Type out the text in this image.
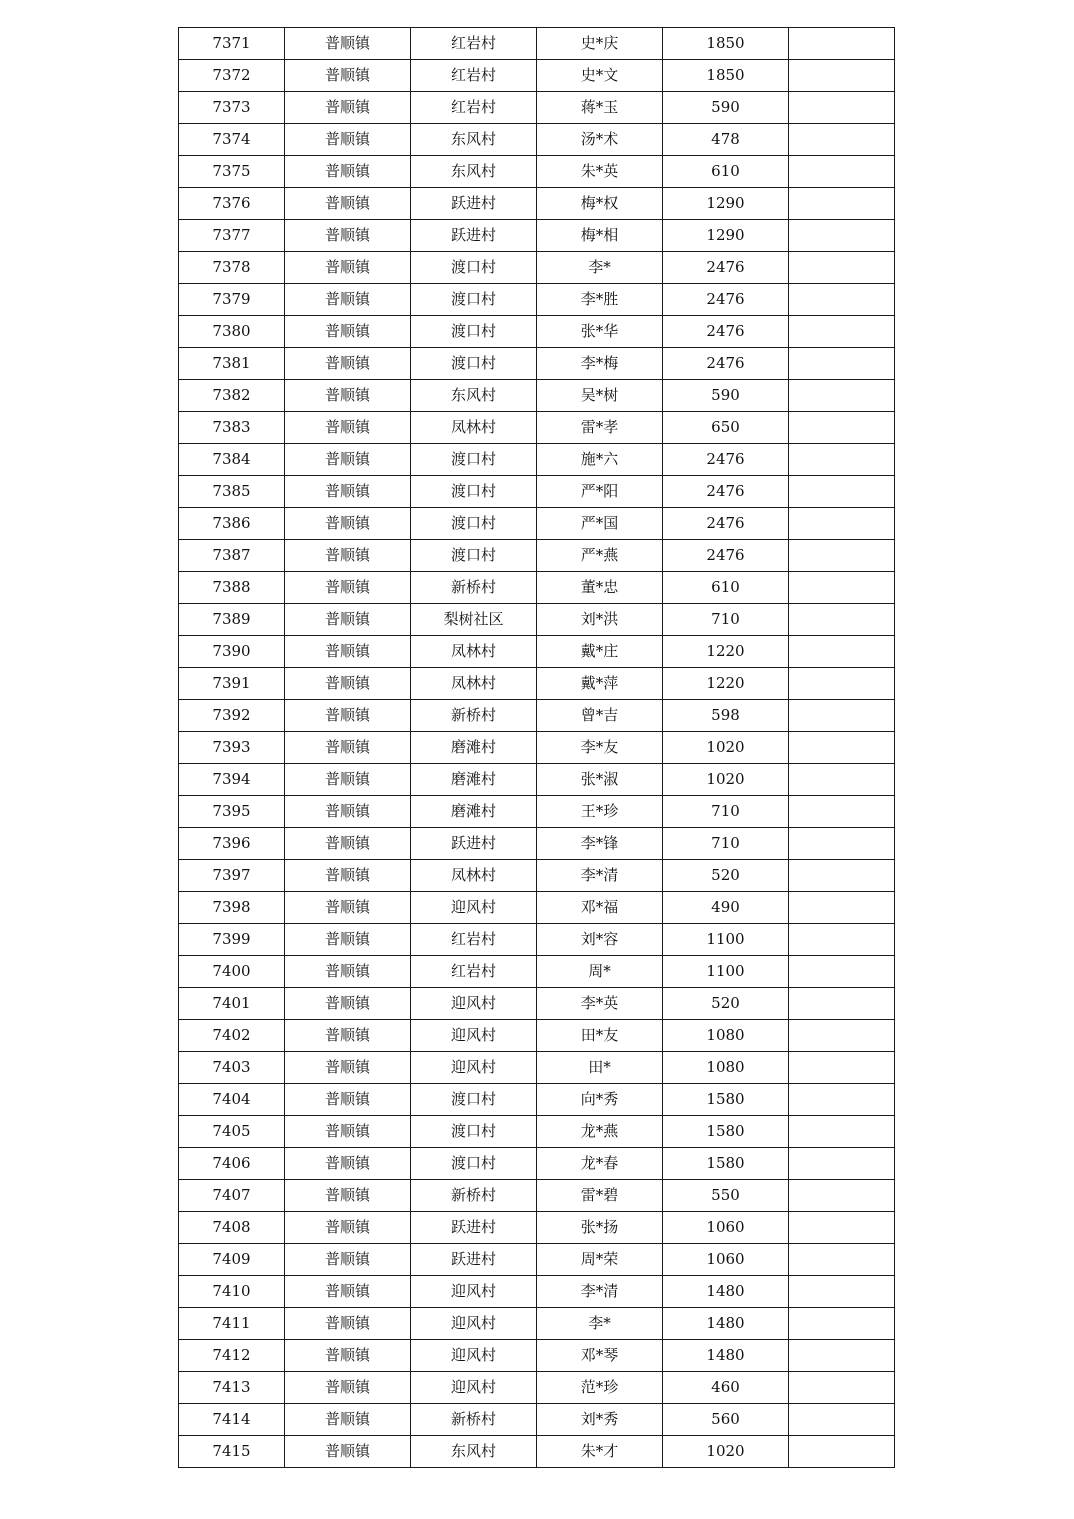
7371	普顺镇	红岩村	史*庆	1850	
7372	普顺镇	红岩村	史*文	1850	
7373	普顺镇	红岩村	蒋*玉	590	
7374	普顺镇	东风村	汤*术	478	
7375	普顺镇	东风村	朱*英	610	
7376	普顺镇	跃进村	梅*权	1290	
7377	普顺镇	跃进村	梅*相	1290	
7378	普顺镇	渡口村	李*	2476	
7379	普顺镇	渡口村	李*胜	2476	
7380	普顺镇	渡口村	张*华	2476	
7381	普顺镇	渡口村	李*梅	2476	
7382	普顺镇	东风村	吴*树	590	
7383	普顺镇	凤林村	雷*孝	650	
7384	普顺镇	渡口村	施*六	2476	
7385	普顺镇	渡口村	严*阳	2476	
7386	普顺镇	渡口村	严*国	2476	
7387	普顺镇	渡口村	严*燕	2476	
7388	普顺镇	新桥村	董*忠	610	
7389	普顺镇	梨树社区	刘*洪	710	
7390	普顺镇	凤林村	戴*庄	1220	
7391	普顺镇	凤林村	戴*萍	1220	
7392	普顺镇	新桥村	曾*吉	598	
7393	普顺镇	磨滩村	李*友	1020	
7394	普顺镇	磨滩村	张*淑	1020	
7395	普顺镇	磨滩村	王*珍	710	
7396	普顺镇	跃进村	李*锋	710	
7397	普顺镇	凤林村	李*清	520	
7398	普顺镇	迎风村	邓*福	490	
7399	普顺镇	红岩村	刘*容	1100	
7400	普顺镇	红岩村	周*	1100	
7401	普顺镇	迎风村	李*英	520	
7402	普顺镇	迎风村	田*友	1080	
7403	普顺镇	迎风村	田*	1080	
7404	普顺镇	渡口村	向*秀	1580	
7405	普顺镇	渡口村	龙*燕	1580	
7406	普顺镇	渡口村	龙*春	1580	
7407	普顺镇	新桥村	雷*碧	550	
7408	普顺镇	跃进村	张*扬	1060	
7409	普顺镇	跃进村	周*荣	1060	
7410	普顺镇	迎风村	李*清	1480	
7411	普顺镇	迎风村	李*	1480	
7412	普顺镇	迎风村	邓*琴	1480	
7413	普顺镇	迎风村	范*珍	460	
7414	普顺镇	新桥村	刘*秀	560	
7415	普顺镇	东风村	朱*才	1020	
